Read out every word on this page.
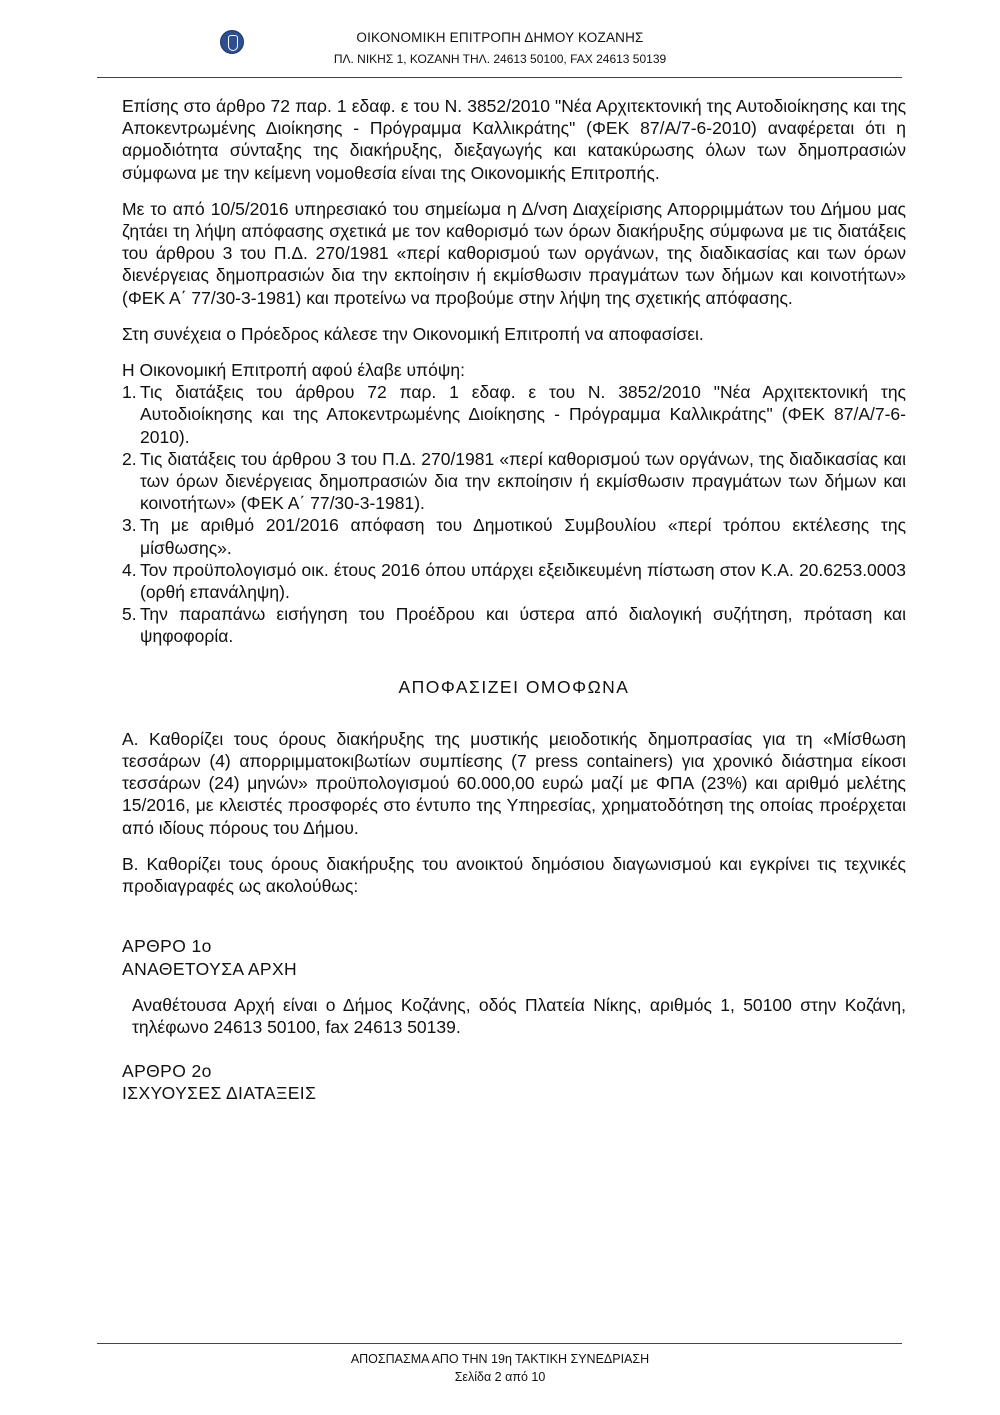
ΟΙΚΟΝΟΜΙΚΗ ΕΠΙΤΡΟΠΗ ΔΗΜΟΥ ΚΟΖΑΝΗΣ
ΠΛ. ΝΙΚΗΣ 1, ΚΟΖΑΝΗ ΤΗΛ. 24613 50100, FAX 24613 50139

Επίσης στο άρθρο 72 παρ. 1 εδαφ. ε του Ν. 3852/2010 "Νέα Αρχιτεκτονική της Αυτοδιοίκησης και της Αποκεντρωμένης Διοίκησης - Πρόγραμμα Καλλικράτης" (ΦΕΚ 87/Α/7-6-2010) αναφέρεται ότι η αρμοδιότητα σύνταξης της διακήρυξης, διεξαγωγής και κατακύρωσης όλων των δημοπρασιών σύμφωνα με την κείμενη νομοθεσία είναι της Οικονομικής Επιτροπής.

Με το από 10/5/2016 υπηρεσιακό του σημείωμα η Δ/νση Διαχείρισης Απορριμμάτων του Δήμου μας ζητάει τη λήψη απόφασης σχετικά με τον καθορισμό των όρων διακήρυξης σύμφωνα με τις διατάξεις του άρθρου 3 του Π.Δ. 270/1981 «περί καθορισμού των οργάνων, της διαδικασίας και των όρων διενέργειας δημοπρασιών δια την εκποίησιν ή εκμίσθωσιν πραγμάτων των δήμων και κοινοτήτων» (ΦΕΚ Α΄ 77/30-3-1981) και προτείνω να προβούμε στην λήψη της σχετικής απόφασης.

Στη συνέχεια ο Πρόεδρος κάλεσε την Οικονομική Επιτροπή να αποφασίσει.

Η Οικονομική Επιτροπή αφού έλαβε υπόψη:

1. Τις διατάξεις του άρθρου 72 παρ. 1 εδαφ. ε του Ν. 3852/2010 "Νέα Αρχιτεκτονική της Αυτοδιοίκησης και της Αποκεντρωμένης Διοίκησης - Πρόγραμμα Καλλικράτης" (ΦΕΚ 87/Α/7-6-2010).
2. Τις διατάξεις του άρθρου 3 του Π.Δ. 270/1981 «περί καθορισμού των οργάνων, της διαδικασίας και των όρων διενέργειας δημοπρασιών δια την εκποίησιν ή εκμίσθωσιν πραγμάτων των δήμων και κοινοτήτων» (ΦΕΚ Α΄ 77/30-3-1981).
3. Τη με αριθμό 201/2016 απόφαση του Δημοτικού Συμβουλίου «περί τρόπου εκτέλεσης της μίσθωσης».
4. Τον προϋπολογισμό οικ. έτους 2016 όπου υπάρχει εξειδικευμένη πίστωση στον Κ.Α. 20.6253.0003 (ορθή επανάληψη).
5. Την παραπάνω εισήγηση του Προέδρου και ύστερα από διαλογική συζήτηση, πρόταση και ψηφοφορία.
ΑΠΟΦΑΣΙΖΕΙ ΟΜΟΦΩΝΑ

Α. Καθορίζει τους όρους διακήρυξης της μυστικής μειοδοτικής δημοπρασίας για τη «Μίσθωση τεσσάρων (4) απορριμματοκιβωτίων συμπίεσης (7 press containers) για χρονικό διάστημα είκοσι τεσσάρων (24) μηνών» προϋπολογισμού 60.000,00 ευρώ μαζί με ΦΠΑ (23%) και αριθμό μελέτης 15/2016, με κλειστές προσφορές στο έντυπο της Υπηρεσίας, χρηματοδότηση της οποίας προέρχεται από ιδίους πόρους του Δήμου.

Β. Καθορίζει τους όρους διακήρυξης του ανοικτού δημόσιου διαγωνισμού και εγκρίνει τις τεχνικές προδιαγραφές ως ακολούθως:

ΑΡΘΡΟ 1ο
ΑΝΑΘΕΤΟΥΣΑ ΑΡΧΗ

Αναθέτουσα Αρχή είναι ο Δήμος Κοζάνης, οδός Πλατεία Νίκης, αριθμός 1, 50100 στην Κοζάνη, τηλέφωνο 24613 50100, fax 24613 50139.

ΑΡΘΡΟ 2ο
ΙΣΧΥΟΥΣΕΣ ΔΙΑΤΑΞΕΙΣ
ΑΠΟΣΠΑΣΜΑ ΑΠΟ ΤΗΝ 19η ΤΑΚΤΙΚΗ ΣΥΝΕΔΡΙΑΣΗ
Σελίδα 2 από 10
